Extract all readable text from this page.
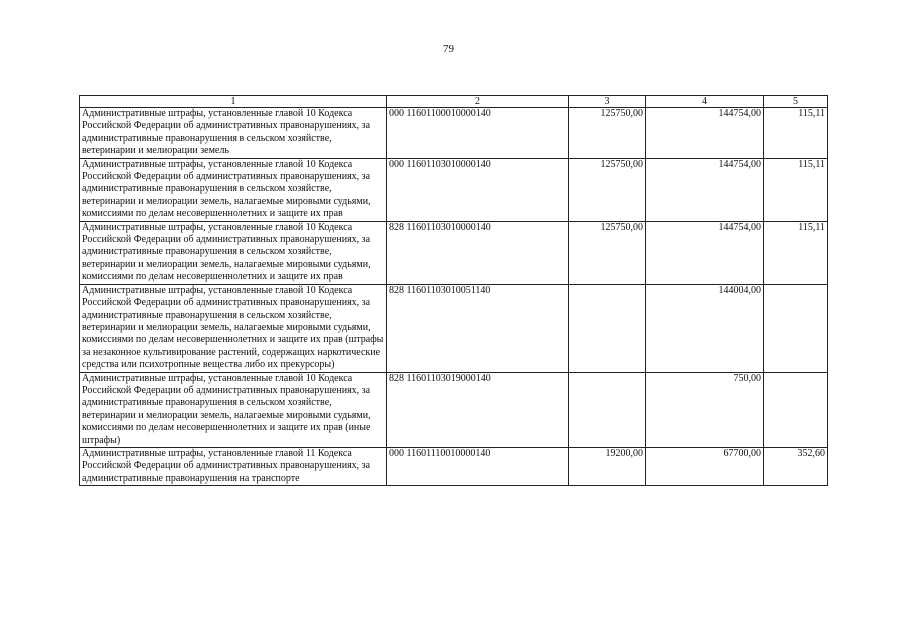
79
1	2	3	4	5
Административные штрафы, установленные главой 10 Кодекса Российской Федерации об административных правонарушениях, за административные правонарушения в сельском хозяйстве, ветеринарии и мелиорации земель	000 11601100010000140	125750,00	144754,00	115,11
Административные штрафы, установленные главой 10 Кодекса Российской Федерации об административных правонарушениях, за административные правонарушения в сельском хозяйстве, ветеринарии и мелиорации земель, налагаемые мировыми судьями, комиссиями по делам несовершеннолетних и защите их прав	000 11601103010000140	125750,00	144754,00	115,11
Административные штрафы, установленные главой 10 Кодекса Российской Федерации об административных правонарушениях, за административные правонарушения в сельском хозяйстве, ветеринарии и мелиорации земель, налагаемые мировыми судьями, комиссиями по делам несовершеннолетних и защите их прав	828 11601103010000140	125750,00	144754,00	115,11
Административные штрафы, установленные главой 10 Кодекса Российской Федерации об административных правонарушениях, за административные правонарушения в сельском хозяйстве, ветеринарии и мелиорации земель, налагаемые мировыми судьями, комиссиями по делам несовершеннолетних и защите их прав (штрафы за незаконное культивирование растений, содержащих наркотические средства или психотропные вещества либо их прекурсоры)	828 11601103010051140		144004,00	
Административные штрафы, установленные главой 10 Кодекса Российской Федерации об административных правонарушениях, за административные правонарушения в сельском хозяйстве, ветеринарии и мелиорации земель, налагаемые мировыми судьями, комиссиями по делам несовершеннолетних и защите их прав (иные штрафы)	828 11601103019000140		750,00	
Административные штрафы, установленные главой 11 Кодекса Российской Федерации об административных правонарушениях, за административные правонарушения на транспорте	000 11601110010000140	19200,00	67700,00	352,60
